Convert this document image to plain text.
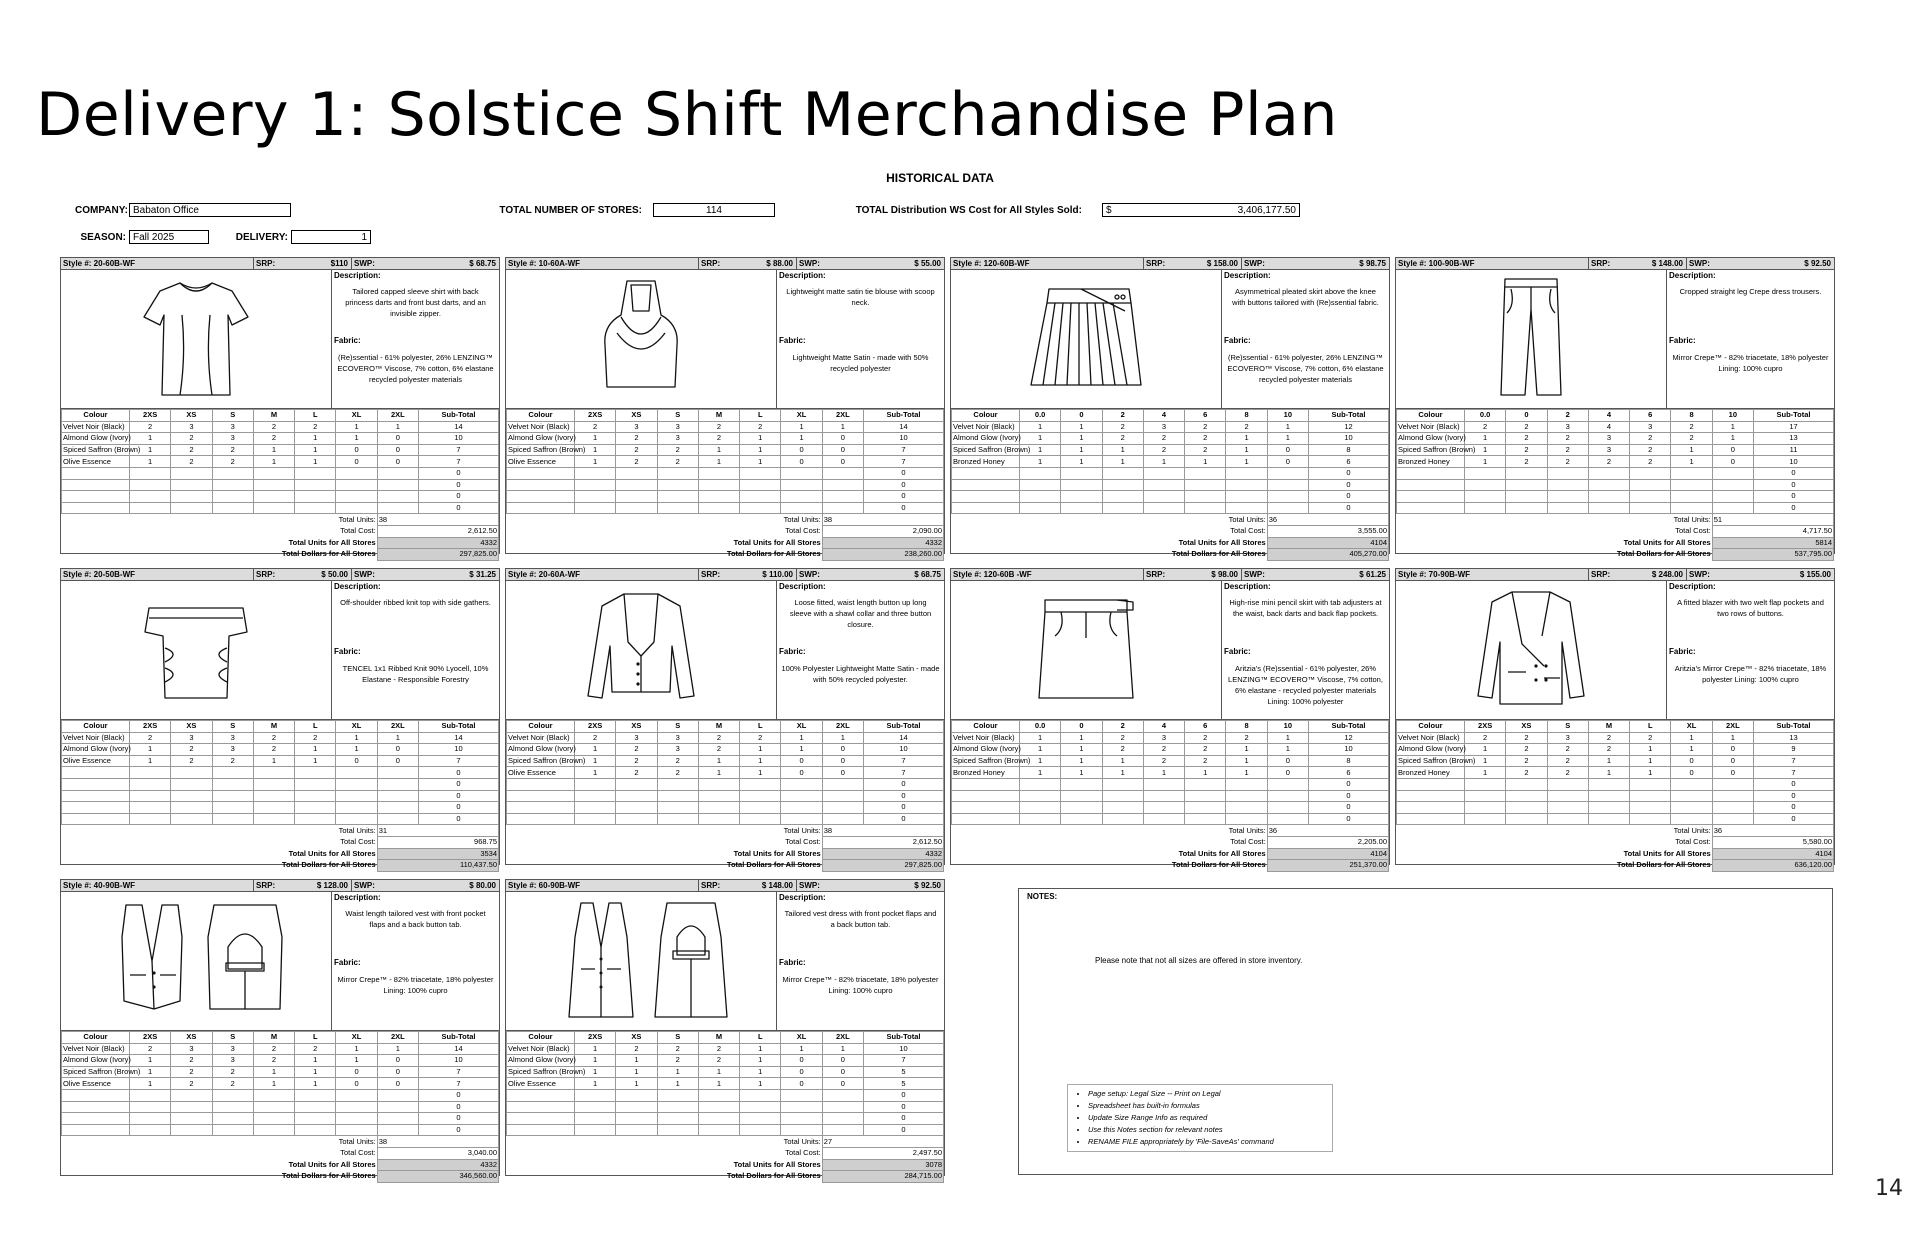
Delivery 1: Solstice Shift Merchandise Plan
HISTORICAL DATA
COMPANY: Babaton Office
SEASON: Fall 2025	DELIVERY:	1
TOTAL NUMBER OF STORES:	114	TOTAL Distribution WS Cost for All Styles Sold: $	3,406,177.50
Style #: 20-60B-WF	SRP:	$110 SWP:	$ 68.75
Description:
Tailored capped sleeve shirt with back princess darts and front bust darts, and an invisible zipper.
Fabric:
(Re)ssential - 61% polyester, 26% LENZING™ ECOVERO™ Viscose, 7% cotton, 6% elastane recycled polyester materials
Colour	2XS	XS	S	M	L	XL	2XL	Sub-Total
Velvet Noir (Black)	2	3	3	2	2	1	1	14
Almond Glow (Ivory)	1	2	3	2	1	1	0	10
Spiced Saffron (Brown)	1	2	2	1	1	0	0	7
Olive Essence	1	2	2	1	1	0	0	7
								0
								0
								0
								0
Total Units:							38	
Total Cost:							2,612.50	
Total Units for All Stores							4332	
Total Dollars for All Stores							297,825.00	
Style #: 10-60A-WF	SRP:	$ 88.00 SWP:	$ 55.00
Description:
Lightweight matte satin tie blouse with scoop neck.
Fabric:
Lightweight Matte Satin - made with 50% recycled polyester
Colour	2XS	XS	S	M	L	XL	2XL	Sub-Total
Velvet Noir (Black)	2	3	3	2	2	1	1	14
Almond Glow (Ivory)	1	2	3	2	1	1	0	10
Spiced Saffron (Brown)	1	2	2	1	1	0	0	7
Olive Essence	1	2	2	1	1	0	0	7
								0
								0
								0
								0
Total Units:							38	
Total Cost:							2,090.00	
Total Units for All Stores							4332	
Total Dollars for All Stores							238,260.00	
Style #: 120-60B-WF	SRP:	$ 158.00 SWP:	$ 98.75
Description:
Asymmetrical pleated skirt above the knee with buttons tailored with (Re)ssential fabric.
Fabric:
(Re)ssential - 61% polyester, 26% LENZING™ ECOVERO™ Viscose, 7% cotton, 6% elastane recycled polyester materials
Colour	0.0	0	2	4	6	8	10	Sub-Total
Velvet Noir (Black)	1	1	2	3	2	2	1	12
Almond Glow (Ivory)	1	1	2	2	2	1	1	10
Spiced Saffron (Brown)	1	1	1	2	2	1	0	8
Bronzed Honey	1	1	1	1	1	1	0	6
								0
								0
								0
								0
Total Units:							36	
Total Cost:							3,555.00	
Total Units for All Stores							4104	
Total Dollars for All Stores							405,270.00	
Style #: 100-90B-WF	SRP:	$ 148.00 SWP:	$ 92.50
Description:
Cropped straight leg Crepe dress trousers.
Fabric:
Mirror Crepe™ - 82% triacetate, 18% polyester Lining: 100% cupro
Colour	0.0	0	2	4	6	8	10	Sub-Total
Velvet Noir (Black)	2	2	3	4	3	2	1	17
Almond Glow (Ivory)	1	2	2	3	2	2	1	13
Spiced Saffron (Brown)	1	2	2	3	2	1	0	11
Bronzed Honey	1	2	2	2	2	1	0	10
								0
								0
								0
								0
Total Units:							51	
Total Cost:							4,717.50	
Total Units for All Stores							5814	
Total Dollars for All Stores							537,795.00	
Style #: 20-50B-WF	SRP:	$ 50.00 SWP:	$ 31.25
Description:
Off-shoulder ribbed knit top with side gathers.
Fabric:
TENCEL 1x1 Ribbed Knit 90% Lyocell, 10% Elastane - Responsible Forestry
Colour	2XS	XS	S	M	L	XL	2XL	Sub-Total
Velvet Noir (Black)	2	3	3	2	2	1	1	14
Almond Glow (Ivory)	1	2	3	2	1	1	0	10
Olive Essence	1	2	2	1	1	0	0	7
								0
								0
								0
								0
								0
Total Units:							31	
Total Cost:							968.75	
Total Units for All Stores							3534	
Total Dollars for All Stores							110,437.50	
Style #: 20-60A-WF	SRP:	$ 110.00 SWP:	$ 68.75
Description:
Loose fitted, waist length button up long sleeve with a shawl collar and three button closure.
Fabric:
100% Polyester Lightweight Matte Satin - made with 50% recycled polyester.
Colour	2XS	XS	S	M	L	XL	2XL	Sub-Total
Velvet Noir (Black)	2	3	3	2	2	1	1	14
Almond Glow (Ivory)	1	2	3	2	1	1	0	10
Spiced Saffron (Brown)	1	2	2	1	1	0	0	7
Olive Essence	1	2	2	1	1	0	0	7
								0
								0
								0
								0
Total Units:							38	
Total Cost:							2,612.50	
Total Units for All Stores							4332	
Total Dollars for All Stores							297,825.00	
Style #: 120-60B -WF	SRP:	$ 98.00 SWP:	$ 61.25
Description:
High-rise mini pencil skirt with tab adjusters at the waist, back darts and back flap pockets.
Fabric:
Aritzia's (Re)ssential - 61% polyester, 26% LENZING™ ECOVERO™ Viscose, 7% cotton, 6% elastane - recycled polyester materials Lining: 100% polyester
Colour	0.0	0	2	4	6	8	10	Sub-Total
Velvet Noir (Black)	1	1	2	3	2	2	1	12
Almond Glow (Ivory)	1	1	2	2	2	1	1	10
Spiced Saffron (Brown)	1	1	1	2	2	1	0	8
Bronzed Honey	1	1	1	1	1	1	0	6
								0
								0
								0
								0
Total Units:							36	
Total Cost:							2,205.00	
Total Units for All Stores							4104	
Total Dollars for All Stores							251,370.00	
Style #: 70-90B-WF	SRP:	$ 248.00 SWP:	$ 155.00
Description:
A fitted blazer with two welt flap pockets and two rows of buttons.
Fabric:
Aritzia's Mirror Crepe™ - 82% triacetate, 18% polyester Lining: 100% cupro
Colour	2XS	XS	S	M	L	XL	2XL	Sub-Total
Velvet Noir (Black)	2	2	3	2	2	1	1	13
Almond Glow (Ivory)	1	2	2	2	1	1	0	9
Spiced Saffron (Brown)	1	2	2	1	1	0	0	7
Bronzed Honey	1	2	2	1	1	0	0	7
								0
								0
								0
								0
Total Units:							36	
Total Cost:							5,580.00	
Total Units for All Stores							4104	
Total Dollars for All Stores							636,120.00	
Style #: 40-90B-WF	SRP:	$ 128.00 SWP:	$ 80.00
Description:
Waist length tailored vest with front pocket flaps and a back button tab.
Fabric:
Mirror Crepe™ - 82% triacetate, 18% polyester Lining: 100% cupro
Colour	2XS	XS	S	M	L	XL	2XL	Sub-Total
Velvet Noir (Black)	2	3	3	2	2	1	1	14
Almond Glow (Ivory)	1	2	3	2	1	1	0	10
Spiced Saffron (Brown)	1	2	2	1	1	0	0	7
Olive Essence	1	2	2	1	1	0	0	7
								0
								0
								0
								0
Total Units:							38	
Total Cost:							3,040.00	
Total Units for All Stores							4332	
Total Dollars for All Stores							346,560.00	
Style #: 60-90B-WF	SRP:	$ 148.00 SWP:	$ 92.50
Description:
Tailored vest dress with front pocket flaps and a back button tab.
Fabric:
Mirror Crepe™ - 82% triacetate, 18% polyester Lining: 100% cupro
Colour	2XS	XS	S	M	L	XL	2XL	Sub-Total
Velvet Noir (Black)	1	2	2	2	1	1	1	10
Almond Glow (Ivory)	1	1	2	2	1	0	0	7
Spiced Saffron (Brown)	1	1	1	1	1	0	0	5
Olive Essence	1	1	1	1	1	0	0	5
								0
								0
								0
								0
Total Units:							27	
Total Cost:							2,497.50	
Total Units for All Stores							3078	
Total Dollars for All Stores							284,715.00	
NOTES:
Please note that not all sizes are offered in store inventory.
• Page setup: Legal Size -- Print on Legal
• Spreadsheet has built-in formulas
• Update Size Range Info as required
• Use this Notes section for relevant notes
• RENAME FILE appropriately by 'File-SaveAs' command
14
